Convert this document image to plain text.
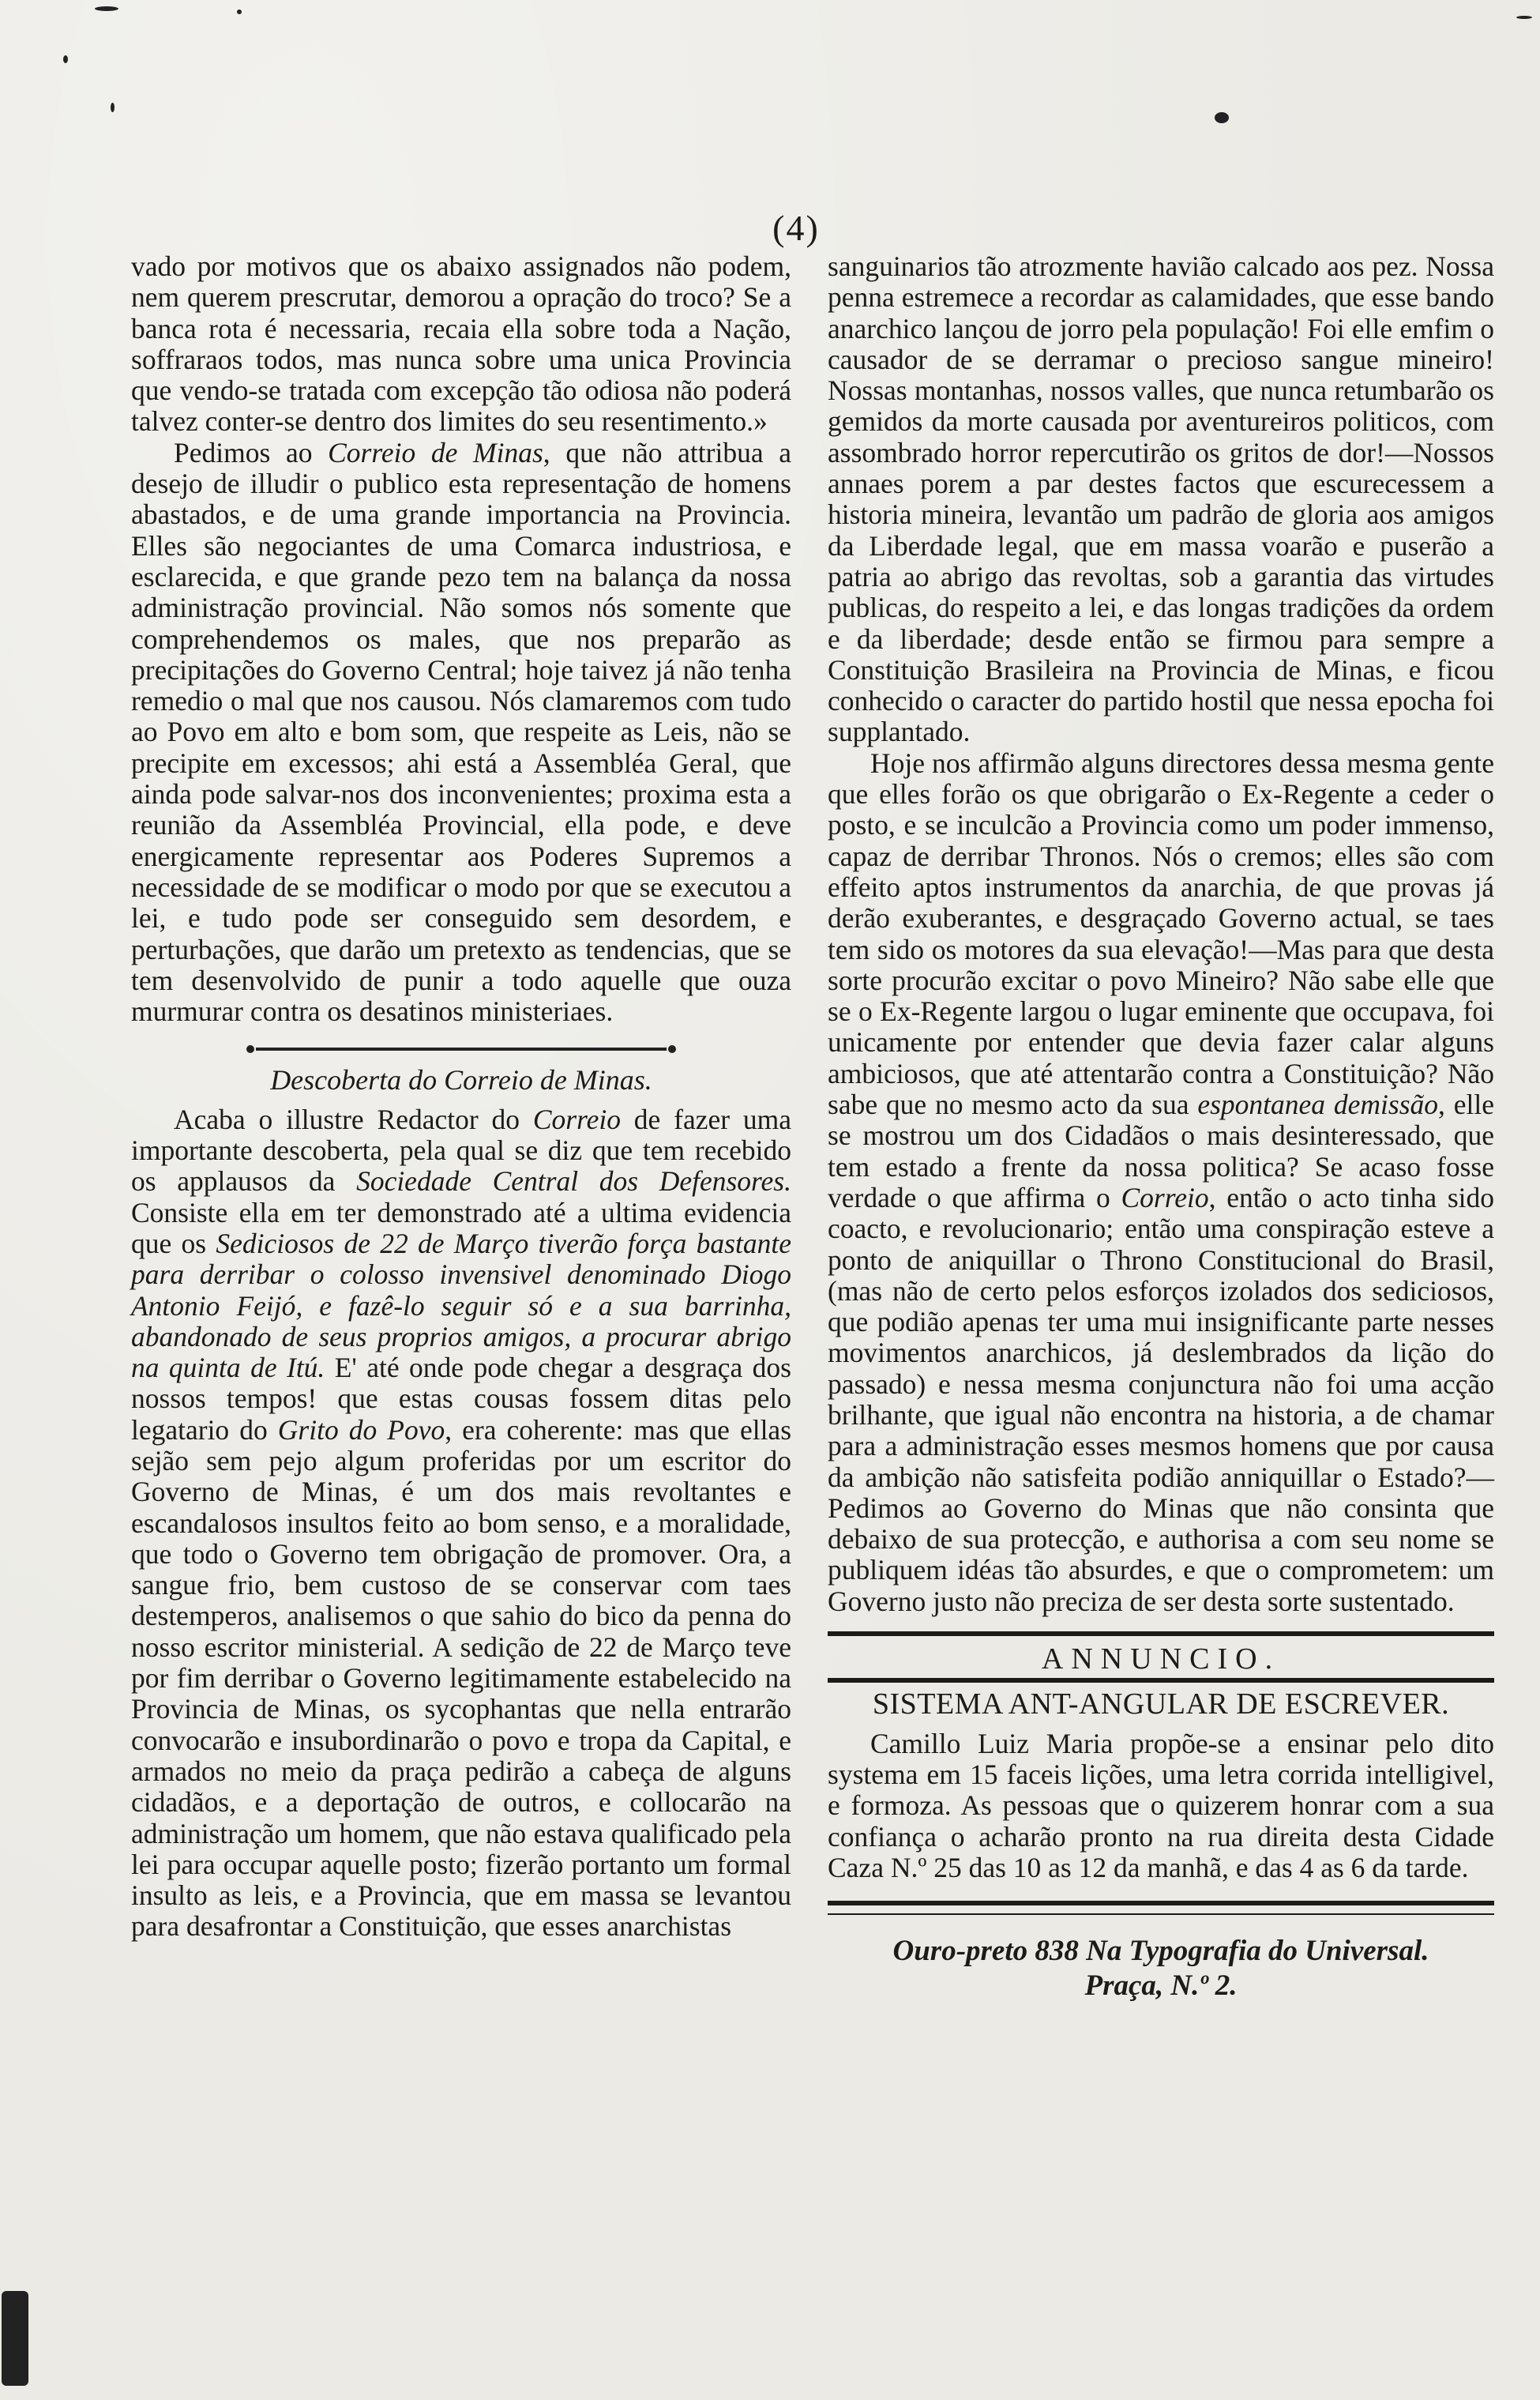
(4)

vado por motivos que os abaixo assignados não podem, nem querem prescrutar, demorou a opração do troco? Se a banca rota é necessaria, recaia ella sobre toda a Nação, soffraraos todos, mas nunca sobre uma unica Provincia que vendo-se tratada com excepção tão odiosa não poderá talvez conter-se dentro dos limites do seu resentimento.»

Pedimos ao Correio de Minas, que não attribua a desejo de illudir o publico esta representação de homens abastados, e de uma grande importancia na Provincia. Elles são negociantes de uma Comarca industriosa, e esclarecida, e que grande pezo tem na balança da nossa administração provincial. Não somos nós somente que comprehendemos os males, que nos preparão as precipitações do Governo Central; hoje taivez já não tenha remedio o mal que nos causou. Nós clamaremos com tudo ao Povo em alto e bom som, que respeite as Leis, não se precipite em excessos; ahi está a Assembléa Geral, que ainda pode salvar-nos dos inconvenientes; proxima esta a reunião da Assembléa Provincial, ella pode, e deve energicamente representar aos Poderes Supremos a necessidade de se modificar o modo por que se executou a lei, e tudo pode ser conseguido sem desordem, e perturbações, que darão um pretexto as tendencias, que se tem desenvolvido de punir a todo aquelle que ouza murmurar contra os desatinos ministeriaes.

Descoberta do Correio de Minas.

Acaba o illustre Redactor do Correio de fazer uma importante descoberta, pela qual se diz que tem recebido os applausos da Sociedade Central dos Defensores. Consiste ella em ter demonstrado até a ultima evidencia que os Sediciosos de 22 de Março tiverão força bastante para derribar o colosso invensivel denominado Diogo Antonio Feijó, e fazê-lo seguir só e a sua barrinha, abandonado de seus proprios amigos, a procurar abrigo na quinta de Itú. E' até onde pode chegar a desgraça dos nossos tempos! que estas cousas fossem ditas pelo legatario do Grito do Povo, era coherente: mas que ellas sejão sem pejo algum proferidas por um escritor do Governo de Minas, é um dos mais revoltantes e escandalosos insultos feito ao bom senso, e a moralidade, que todo o Governo tem obrigação de promover. Ora, a sangue frio, bem custoso de se conservar com taes destemperos, analisemos o que sahio do bico da penna do nosso escritor ministerial. A sedição de 22 de Março teve por fim derribar o Governo legitimamente estabelecido na Provincia de Minas, os sycophantas que nella entrarão convocarão e insubordinarão o povo e tropa da Capital, e armados no meio da praça pedirão a cabeça de alguns cidadãos, e a deportação de outros, e collocarão na administração um homem, que não estava qualificado pela lei para occupar aquelle posto; fizerão portanto um formal insulto as leis, e a Provincia, que em massa se levantou para desafrontar a Constituição, que esses anarchistas

sanguinarios tão atrozmente havião calcado aos pez. Nossa penna estremece a recordar as calamidades, que esse bando anarchico lançou de jorro pela população! Foi elle emfim o causador de se derramar o precioso sangue mineiro! Nossas montanhas, nossos valles, que nunca retumbarão os gemidos da morte causada por aventureiros politicos, com assombrado horror repercutirão os gritos de dor!—Nossos annaes porem a par destes factos que escurecessem a historia mineira, levantão um padrão de gloria aos amigos da Liberdade legal, que em massa voarão e puserão a patria ao abrigo das revoltas, sob a garantia das virtudes publicas, do respeito a lei, e das longas tradições da ordem e da liberdade; desde então se firmou para sempre a Constituição Brasileira na Provincia de Minas, e ficou conhecido o caracter do partido hostil que nessa epocha foi supplantado.

Hoje nos affirmão alguns directores dessa mesma gente que elles forão os que obrigarão o Ex-Regente a ceder o posto, e se inculcão a Provincia como um poder immenso, capaz de derribar Thronos. Nós o cremos; elles são com effeito aptos instrumentos da anarchia, de que provas já derão exuberantes, e desgraçado Governo actual, se taes tem sido os motores da sua elevação!—Mas para que desta sorte procurão excitar o povo Mineiro? Não sabe elle que se o Ex-Regente largou o lugar eminente que occupava, foi unicamente por entender que devia fazer calar alguns ambiciosos, que até attentarão contra a Constituição? Não sabe que no mesmo acto da sua espontanea demissão, elle se mostrou um dos Cidadãos o mais desinteressado, que tem estado a frente da nossa politica? Se acaso fosse verdade o que affirma o Correio, então o acto tinha sido coacto, e revolucionario; então uma conspiração esteve a ponto de aniquillar o Throno Constitucional do Brasil, (mas não de certo pelos esforços izolados dos sediciosos, que podião apenas ter uma mui insignificante parte nesses movimentos anarchicos, já deslembrados da lição do passado) e nessa mesma conjunctura não foi uma acção brilhante, que igual não encontra na historia, a de chamar para a administração esses mesmos homens que por causa da ambição não satisfeita podião anniquillar o Estado?—Pedimos ao Governo do Minas que não consinta que debaixo de sua protecção, e authorisa a com seu nome se publiquem idéas tão absurdes, e que o comprometem: um Governo justo não preciza de ser desta sorte sustentado.

ANNUNCIO.
SISTEMA ANT-ANGULAR DE ESCREVER.

Camillo Luiz Maria propõe-se a ensinar pelo dito systema em 15 faceis lições, uma letra corrida intelligivel, e formoza. As pessoas que o quizerem honrar com a sua confiança o acharão pronto na rua direita desta Cidade Caza N.º 25 das 10 as 12 da manhã, e das 4 as 6 da tarde.

Ouro-preto 838 Na Typografia do Universal.
Praça, N.º 2.
